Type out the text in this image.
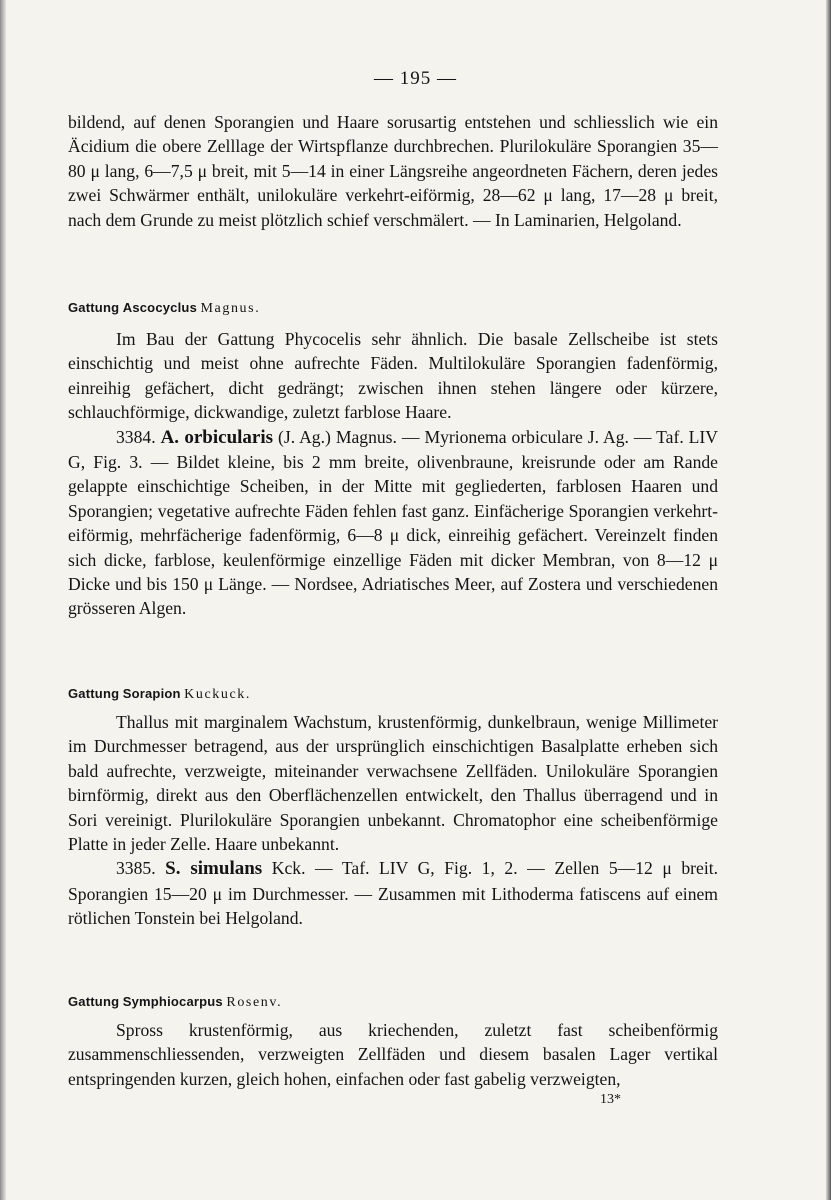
— 195 —

bildend, auf denen Sporangien und Haare sorusartig entstehen und schliesslich wie ein Äcidium die obere Zelllage der Wirtspflanze durchbrechen. Plurilokuläre Sporangien 35—80 μ lang, 6—7,5 μ breit, mit 5—14 in einer Längsreihe angeordneten Fächern, deren jedes zwei Schwärmer enthält, unilokuläre verkehrt-eiförmig, 28—62 μ lang, 17—28 μ breit, nach dem Grunde zu meist plötzlich schief verschmälert. — In Laminarien, Helgoland.

Gattung Ascocyclus Magnus.

Im Bau der Gattung Phycocelis sehr ähnlich. Die basale Zellscheibe ist stets einschichtig und meist ohne aufrechte Fäden. Multilokuläre Sporangien fadenförmig, einreihig gefächert, dicht gedrängt; zwischen ihnen stehen längere oder kürzere, schlauchförmige, dickwandige, zuletzt farblose Haare.

3384. A. orbicularis (J. Ag.) Magnus. — Myrionema orbiculare J. Ag. — Taf. LIV G, Fig. 3. — Bildet kleine, bis 2 mm breite, olivenbraune, kreisrunde oder am Rande gelappte einschichtige Scheiben, in der Mitte mit gegliederten, farblosen Haaren und Sporangien; vegetative aufrechte Fäden fehlen fast ganz. Einfächerige Sporangien verkehrt-eiförmig, mehrfächerige fadenförmig, 6—8 μ dick, einreihig gefächert. Vereinzelt finden sich dicke, farblose, keulenförmige einzellige Fäden mit dicker Membran, von 8—12 μ Dicke und bis 150 μ Länge. — Nordsee, Adriatisches Meer, auf Zostera und verschiedenen grösseren Algen.

Gattung Sorapion Kuckuck.

Thallus mit marginalem Wachstum, krustenförmig, dunkelbraun, wenige Millimeter im Durchmesser betragend, aus der ursprünglich einschichtigen Basalplatte erheben sich bald aufrechte, verzweigte, miteinander verwachsene Zellfäden. Unilokuläre Sporangien birnförmig, direkt aus den Oberflächenzellen entwickelt, den Thallus überragend und in Sori vereinigt. Plurilokuläre Sporangien unbekannt. Chromatophor eine scheibenförmige Platte in jeder Zelle. Haare unbekannt.

3385. S. simulans Kck. — Taf. LIV G, Fig. 1, 2. — Zellen 5—12 μ breit. Sporangien 15—20 μ im Durchmesser. — Zusammen mit Lithoderma fatiscens auf einem rötlichen Tonstein bei Helgoland.

Gattung Symphiocarpus Rosenv.

Spross krustenförmig, aus kriechenden, zuletzt fast scheibenförmig zusammenschliessenden, verzweigten Zellfäden und diesem basalen Lager vertikal entspringenden kurzen, gleich hohen, einfachen oder fast gabelig verzweigten,

13*
